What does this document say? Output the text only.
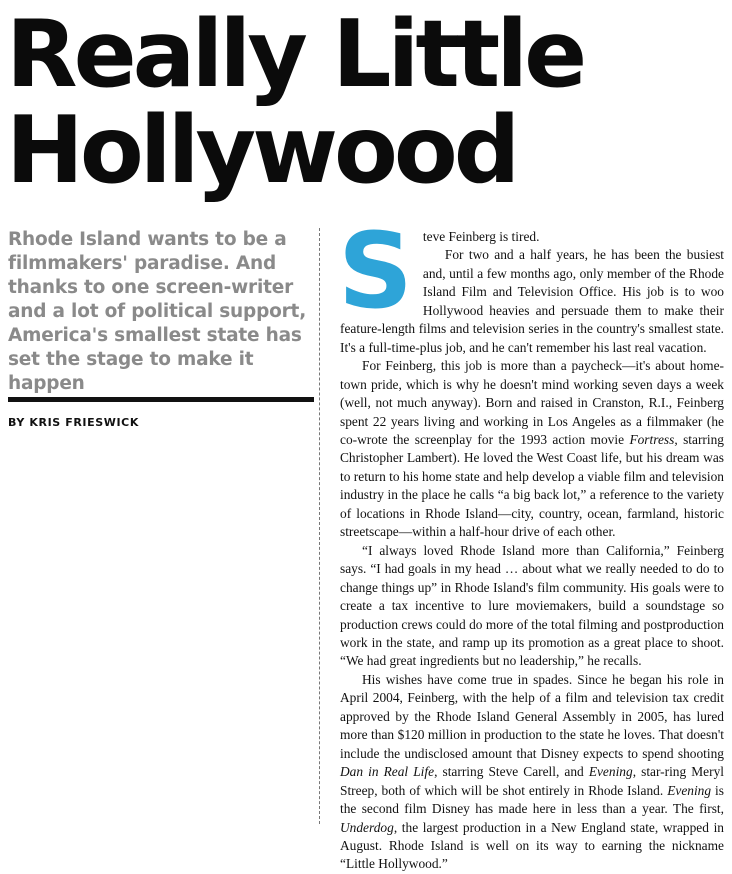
Really Little
Hollywood
Rhode Island wants to be a filmmakers' paradise. And thanks to one screen-writer and a lot of political support, America's smallest state has set the stage to make it happen
BY KRIS FRIESWICK
S teve Feinberg is tired.

For two and a half years, he has been the busiest and, until a few months ago, only member of the Rhode Island Film and Television Office. His job is to woo Hollywood heavies and persuade them to make their feature-length films and television series in the country's smallest state. It's a full-time-plus job, and he can't remember his last real vacation.

For Feinberg, this job is more than a paycheck—it's about home-town pride, which is why he doesn't mind working seven days a week (well, not much anyway). Born and raised in Cranston, R.I., Feinberg spent 22 years living and working in Los Angeles as a filmmaker (he co-wrote the screenplay for the 1993 action movie Fortress, starring Christopher Lambert). He loved the West Coast life, but his dream was to return to his home state and help develop a viable film and television industry in the place he calls “a big back lot,” a reference to the variety of locations in Rhode Island—city, country, ocean, farmland, historic streetscape—within a half-hour drive of each other.

“I always loved Rhode Island more than California,” Feinberg says. “I had goals in my head … about what we really needed to do to change things up” in Rhode Island's film community. His goals were to create a tax incentive to lure moviemakers, build a soundstage so production crews could do more of the total filming and postproduction work in the state, and ramp up its promotion as a great place to shoot. “We had great ingredients but no leadership,” he recalls.

His wishes have come true in spades. Since he began his role in April 2004, Feinberg, with the help of a film and television tax credit approved by the Rhode Island General Assembly in 2005, has lured more than $120 million in production to the state he loves. That doesn't include the undisclosed amount that Disney expects to spend shooting Dan in Real Life, starring Steve Carell, and Evening, star-ring Meryl Streep, both of which will be shot entirely in Rhode Island. Evening is the second film Disney has made here in less than a year. The first, Underdog, the largest production in a New England state, wrapped in August. Rhode Island is well on its way to earning the nickname “Little Hollywood.”
